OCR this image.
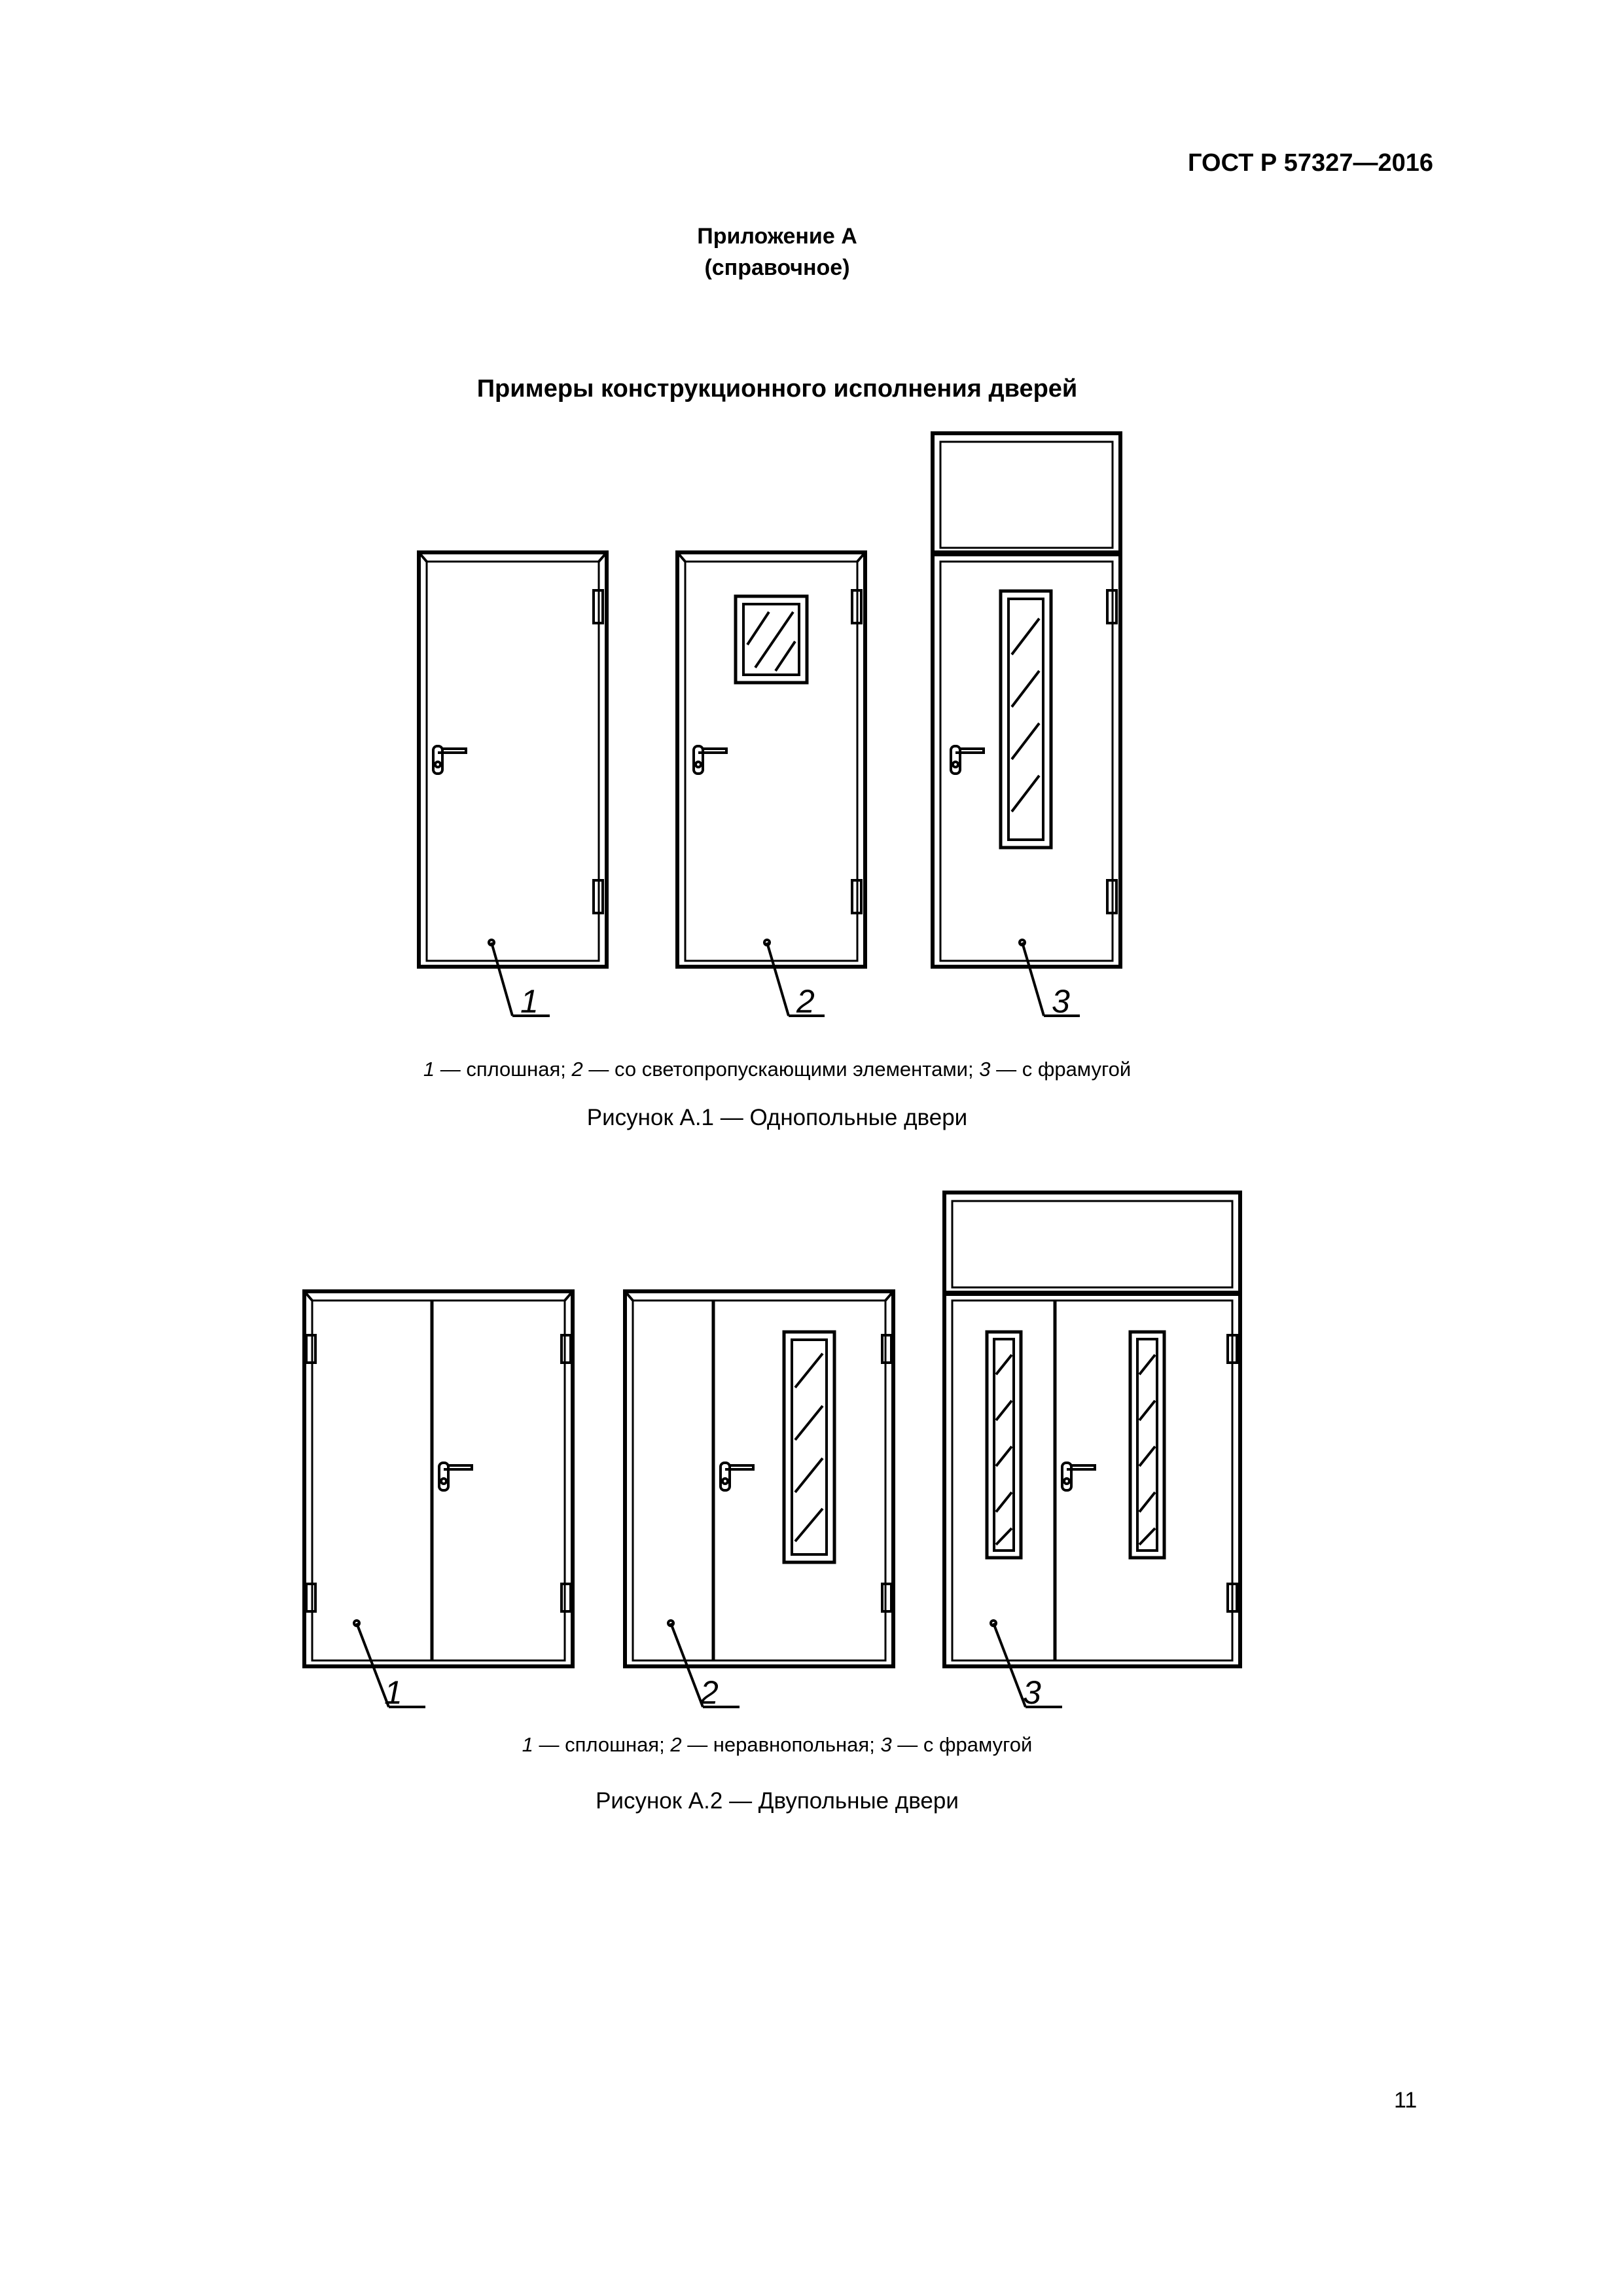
ГОСТ Р 57327—2016
Приложение А
(справочное)
Примеры конструкционного исполнения дверей
1	2	3
1	2	3
1 — сплошная; 2 — со светопропускающими элементами; 3 — с фрамугой
Рисунок А.1 — Однопольные двери
1 — сплошная; 2 — неравнопольная; 3 — с фрамугой
Рисунок А.2 — Двупольные двери
11
